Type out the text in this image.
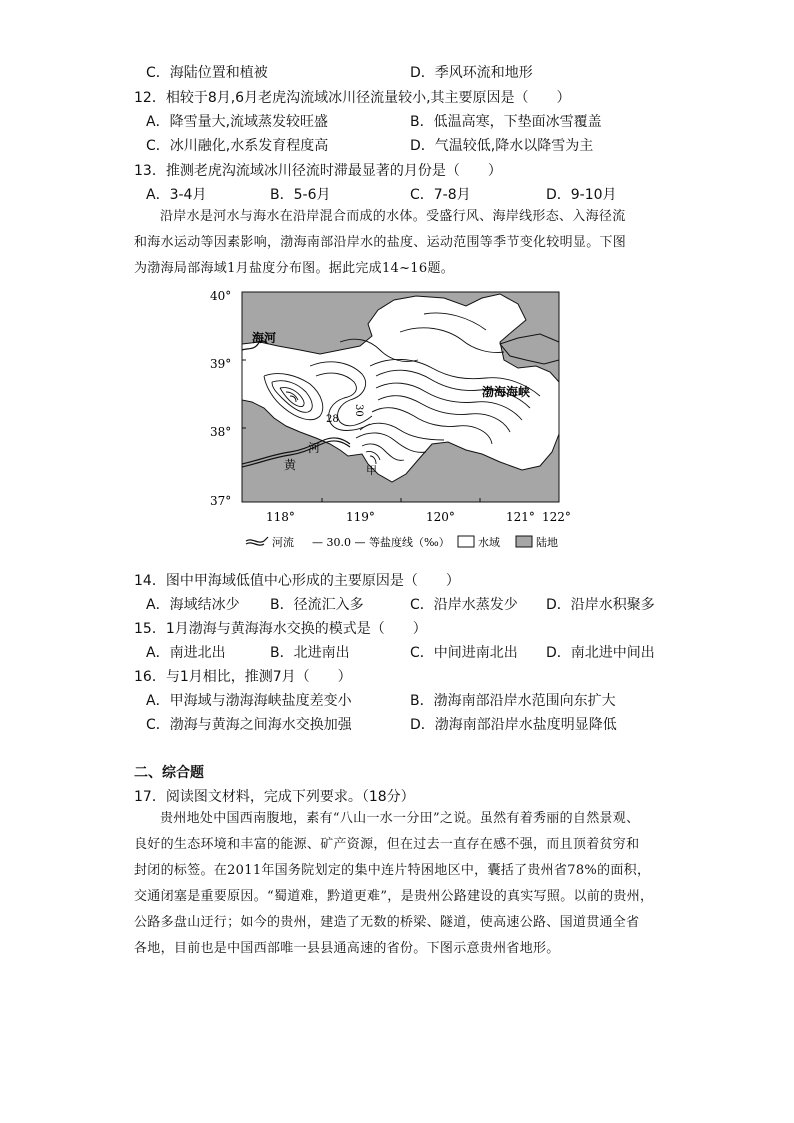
C．海陆位置和植被	D．季风环流和地形
12．相较于8月,6月老虎沟流域冰川径流量较小,其主要原因是（　　）
A．降雪量大,流域蒸发较旺盛	B．低温高寒，下垫面冰雪覆盖
C．冰川融化,水系发育程度高	D．气温较低,降水以降雪为主
13．推测老虎沟流域冰川径流时滞最显著的月份是（　　）
A．3-4月	B．5-6月	C．7-8月	D．9-10月

沿岸水是河水与海水在沿岸混合而成的水体。受盛行风、海岸线形态、入海径流

和海水运动等因素影响，渤海南部沿岸水的盐度、运动范围等季节变化较明显。下图
为渤海局部海域1月盐度分布图。据此完成14~16题。
40°
39°
38°
37°
海河
渤海海峡
河
黄	甲
30
28
118°	119°	120°	121° 122°
河流 — 30.0 — 等盐度线（‰）	水域	陆地
14．图中甲海域低值中心形成的主要原因是（　　）
A．海域结冰少 B．径流汇入多	C．沿岸水蒸发少 D．沿岸水积聚多
15．1月渤海与黄海海水交换的模式是（　　）
A．南进北出	B．北进南出	C．中间进南北出 D．南北进中间出
16．与1月相比，推测7月（　　）
A．甲海域与渤海海峡盐度差变小	B．渤海南部沿岸水范围向东扩大
C．渤海与黄海之间海水交换加强	D．渤海南部沿岸水盐度明显降低
二、综合题
17．阅读图文材料，完成下列要求。（18分）

贵州地处中国西南腹地，素有“八山一水一分田”之说。虽然有着秀丽的自然景观、

良好的生态环境和丰富的能源、矿产资源，但在过去一直存在感不强，而且顶着贫穷和
封闭的标签。在2011年国务院划定的集中连片特困地区中，囊括了贵州省78%的面积，
交通闭塞是重要原因。“蜀道难，黔道更难”，是贵州公路建设的真实写照。以前的贵州，
公路多盘山迂行；如今的贵州，建造了无数的桥梁、隧道，使高速公路、国道贯通全省
各地，目前也是中国西部唯一县县通高速的省份。下图示意贵州省地形。
